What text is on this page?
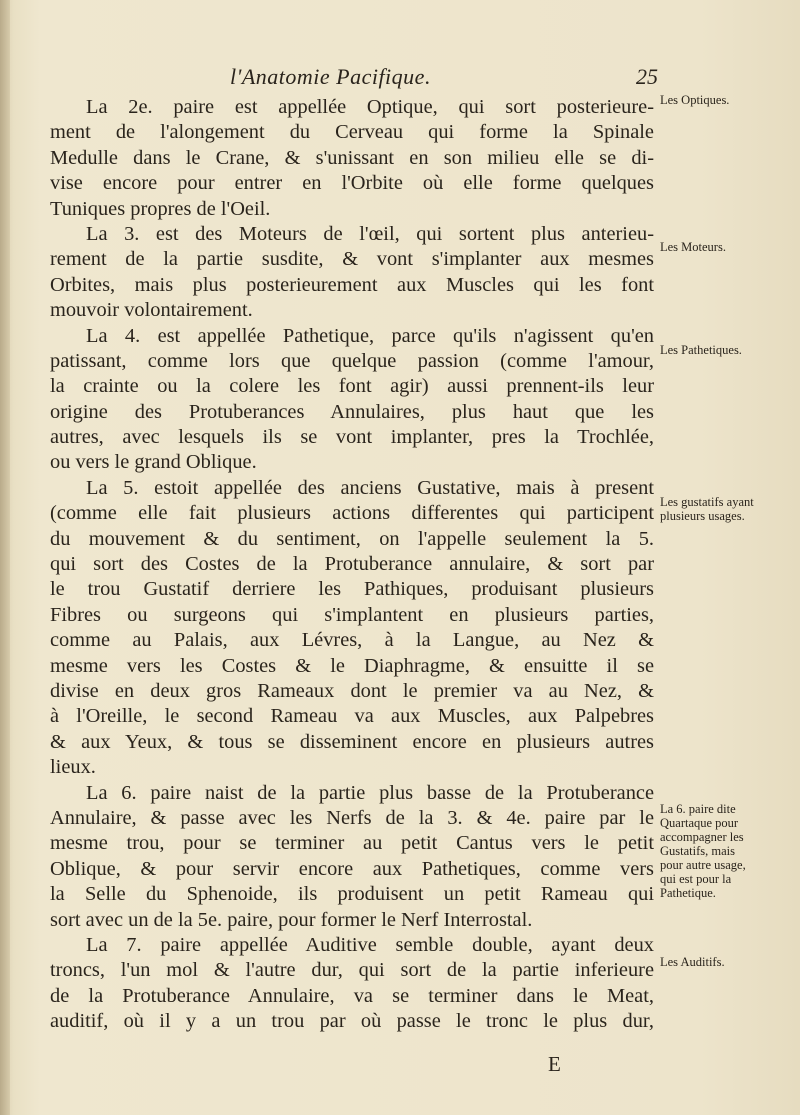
l'Anatomie Pacifique.	25
La 2e. paire est appellée Optique, qui sort posterieure-
ment de l'alongement du Cerveau qui forme la Spinale
Medulle dans le Crane, & s'unissant en son milieu elle se di-
vise encore pour entrer en l'Orbite où elle forme quelques
Tuniques propres de l'Oeil.
La 3. est des Moteurs de l'œil, qui sortent plus anterieu-
rement de la partie susdite, & vont s'implanter aux mesmes
Orbites, mais plus posterieurement aux Muscles qui les font
mouvoir volontairement.
La 4. est appellée Pathetique, parce qu'ils n'agissent qu'en
patissant, comme lors que quelque passion (comme l'amour,
la crainte ou la colere les font agir) aussi prennent-ils leur
origine des Protuberances Annulaires, plus haut que les
autres, avec lesquels ils se vont implanter, pres la Trochlée,
ou vers le grand Oblique.
La 5. estoit appellée des anciens Gustative, mais à present
(comme elle fait plusieurs actions differentes qui participent
du mouvement & du sentiment, on l'appelle seulement la 5.
qui sort des Costes de la Protuberance annulaire, & sort par
le trou Gustatif derriere les Pathiques, produisant plusieurs
Fibres ou surgeons qui s'implantent en plusieurs parties,
comme au Palais, aux Lévres, à la Langue, au Nez &
mesme vers les Costes & le Diaphragme, & ensuitte il se
divise en deux gros Rameaux dont le premier va au Nez, &
à l'Oreille, le second Rameau va aux Muscles, aux Palpebres
& aux Yeux, & tous se disseminent encore en plusieurs autres
lieux.
La 6. paire naist de la partie plus basse de la Protuberance
Annulaire, & passe avec les Nerfs de la 3. & 4e. paire par le
mesme trou, pour se terminer au petit Cantus vers le petit
Oblique, & pour servir encore aux Pathetiques, comme vers
la Selle du Sphenoide, ils produisent un petit Rameau qui
sort avec un de la 5e. paire, pour former le Nerf Interrostal.
La 7. paire appellée Auditive semble double, ayant deux
troncs, l'un mol & l'autre dur, qui sort de la partie inferieure
de la Protuberance Annulaire, va se terminer dans le Meat,
auditif, où il y a un trou par où passe le tronc le plus dur,
Les Optiques.
Les Moteurs.
Les Pathetiques.
Les gustatifs ayant
plusieurs usages.
La 6. paire dite
Quartaque pour
accompagner les
Gustatifs, mais
pour autre usage,
qui est pour la
Pathetique.
Les Auditifs.
E
